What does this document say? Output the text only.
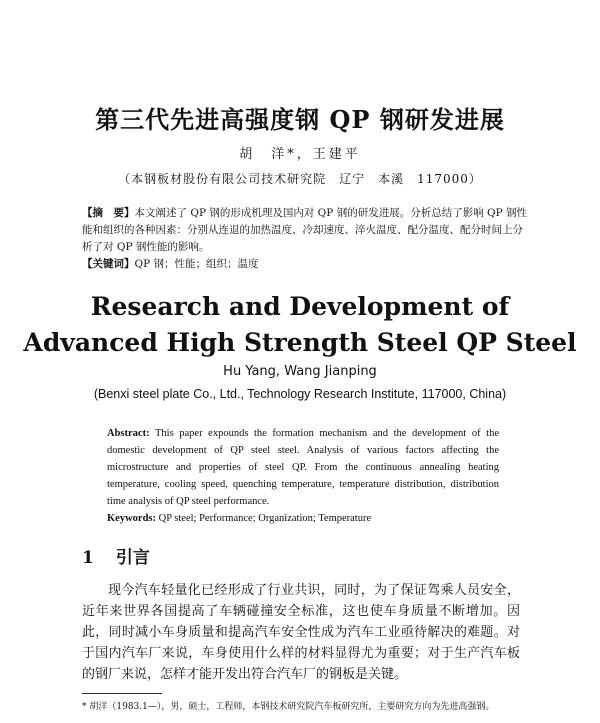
第三代先进高强度钢 QP 钢研发进展
胡　洋*，王建平
（本钢板材股份有限公司技术研究院　辽宁　本溪　117000）
【摘　要】本文阐述了 QP 钢的形成机理及国内对 QP 钢的研发进展。分析总结了影响 QP 钢性能和组织的各种因素：分别从连退的加热温度、冷却速度、淬火温度、配分温度、配分时间上分析了对 QP 钢性能的影响。
【关键词】QP 钢；性能；组织；温度
Research and Development of
Advanced High Strength Steel QP Steel
Hu Yang, Wang Jianping
(Benxi steel plate Co., Ltd., Technology Research Institute, 117000, China)
Abstract: This paper expounds the formation mechanism and the development of the domestic development of QP steel steel. Analysis of various factors affecting the microstructure and properties of steel QP. From the continuous annealing heating temperature, cooling speed, quenching temperature, temperature distribution, distribution time analysis of QP steel performance.
Keywords: QP steel; Performance; Organization; Temperature
1 引言
现今汽车轻量化已经形成了行业共识，同时，为了保证驾乘人员安全，近年来世界各国提高了车辆碰撞安全标准，这也使车身质量不断增加。因此，同时减小车身质量和提高汽车安全性成为汽车工业亟待解决的难题。对于国内汽车厂来说，车身使用什么样的材料显得尤为重要；对于生产汽车板的钢厂来说，怎样才能开发出符合汽车厂的钢板是关键。
* 胡洋（1983.1—），男，硕士，工程师，本钢技术研究院汽车板研究所，主要研究方向为先进高强钢。
